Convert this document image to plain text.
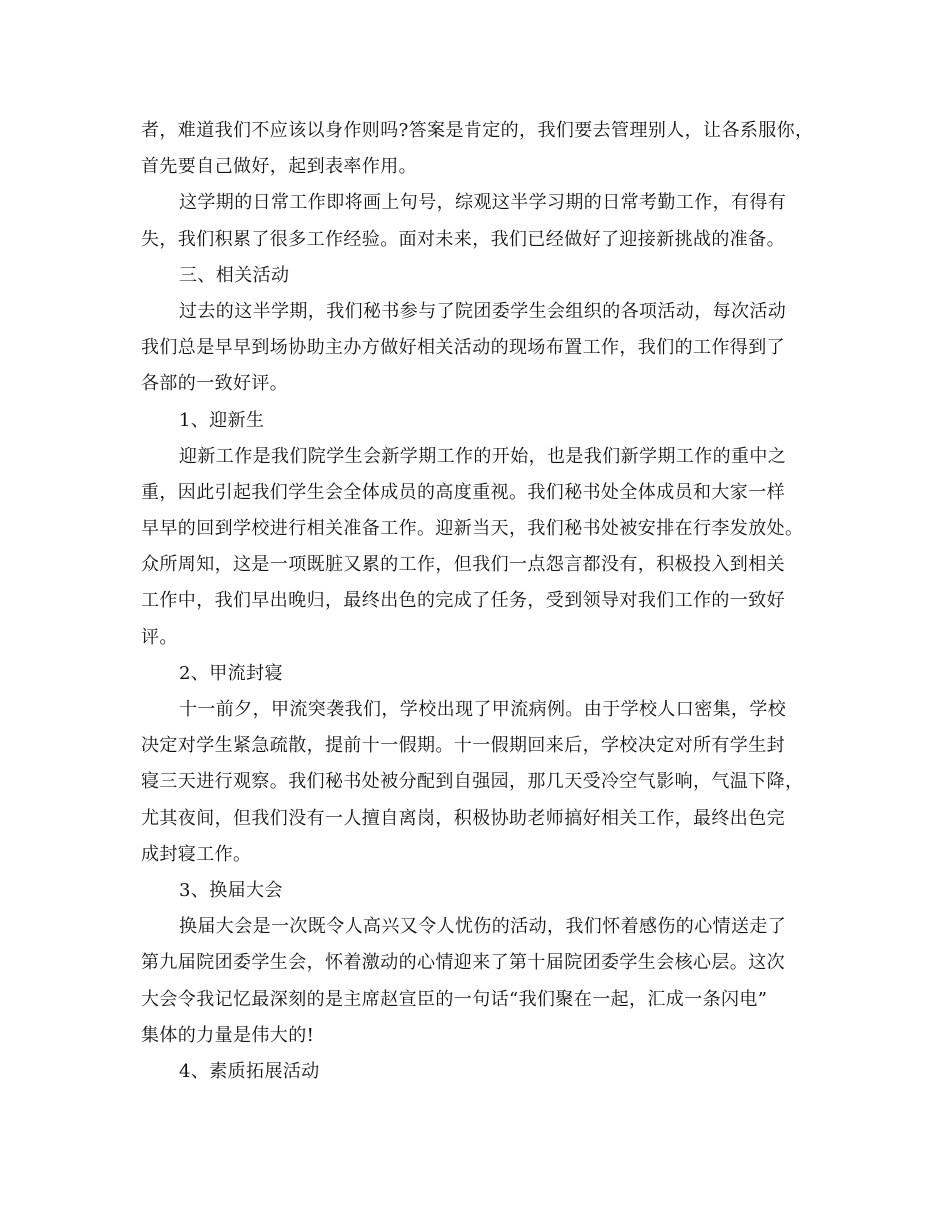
者，难道我们不应该以身作则吗?答案是肯定的，我们要去管理别人，让各系服你，
首先要自己做好，起到表率作用。
这学期的日常工作即将画上句号，综观这半学习期的日常考勤工作，有得有
失，我们积累了很多工作经验。面对未来，我们已经做好了迎接新挑战的准备。
三、相关活动
过去的这半学期，我们秘书参与了院团委学生会组织的各项活动，每次活动
我们总是早早到场协助主办方做好相关活动的现场布置工作，我们的工作得到了
各部的一致好评。
1、迎新生
迎新工作是我们院学生会新学期工作的开始，也是我们新学期工作的重中之
重，因此引起我们学生会全体成员的高度重视。我们秘书处全体成员和大家一样
早早的回到学校进行相关准备工作。迎新当天，我们秘书处被安排在行李发放处。
众所周知，这是一项既脏又累的工作，但我们一点怨言都没有，积极投入到相关
工作中，我们早出晚归，最终出色的完成了任务，受到领导对我们工作的一致好
评。
2、甲流封寝
十一前夕，甲流突袭我们，学校出现了甲流病例。由于学校人口密集，学校
决定对学生紧急疏散，提前十一假期。十一假期回来后，学校决定对所有学生封
寝三天进行观察。我们秘书处被分配到自强园，那几天受冷空气影响，气温下降，
尤其夜间，但我们没有一人擅自离岗，积极协助老师搞好相关工作，最终出色完
成封寝工作。
3、换届大会
换届大会是一次既令人高兴又令人忧伤的活动，我们怀着感伤的心情送走了
第九届院团委学生会，怀着激动的心情迎来了第十届院团委学生会核心层。这次
大会令我记忆最深刻的是主席赵宣臣的一句话“我们聚在一起，汇成一条闪电”
集体的力量是伟大的!
4、素质拓展活动
